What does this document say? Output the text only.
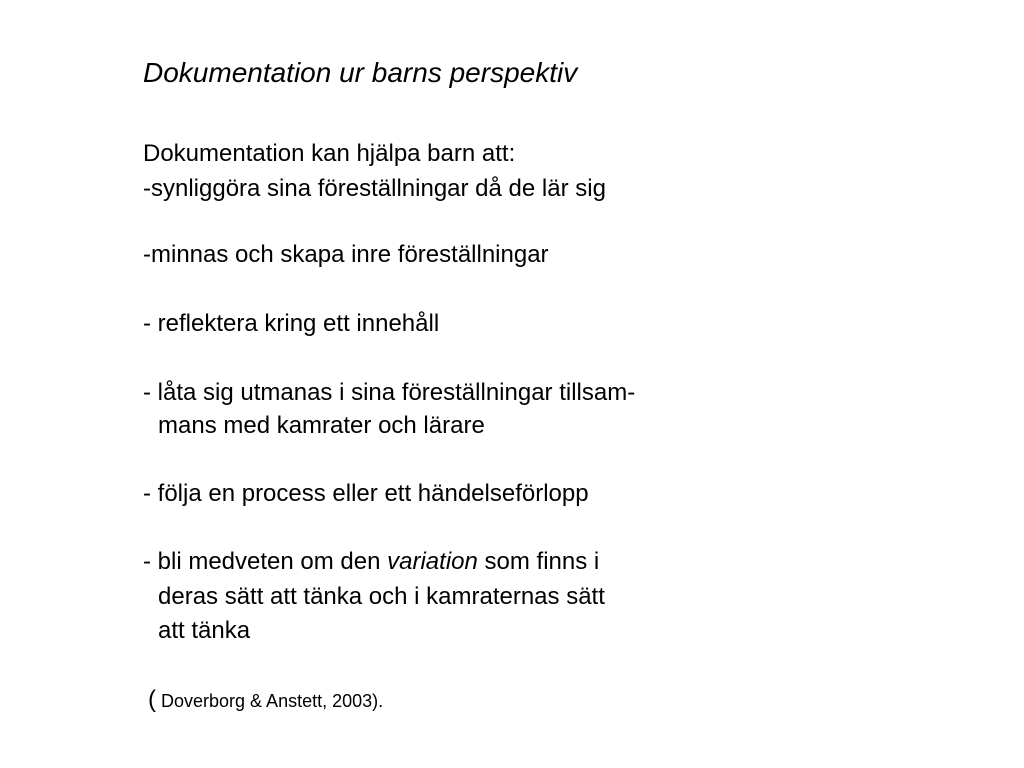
Dokumentation ur barns perspektiv
Dokumentation kan hjälpa barn att:
-synliggöra sina föreställningar då de lär sig
-minnas och skapa inre föreställningar
- reflektera kring ett innehåll
- låta sig utmanas i sina föreställningar tillsam-
mans med kamrater och lärare
- följa en process eller ett händelseförlopp
- bli medveten om den variation som finns i
deras sätt att tänka och i kamraternas sätt
att tänka
( Doverborg & Anstett, 2003).
